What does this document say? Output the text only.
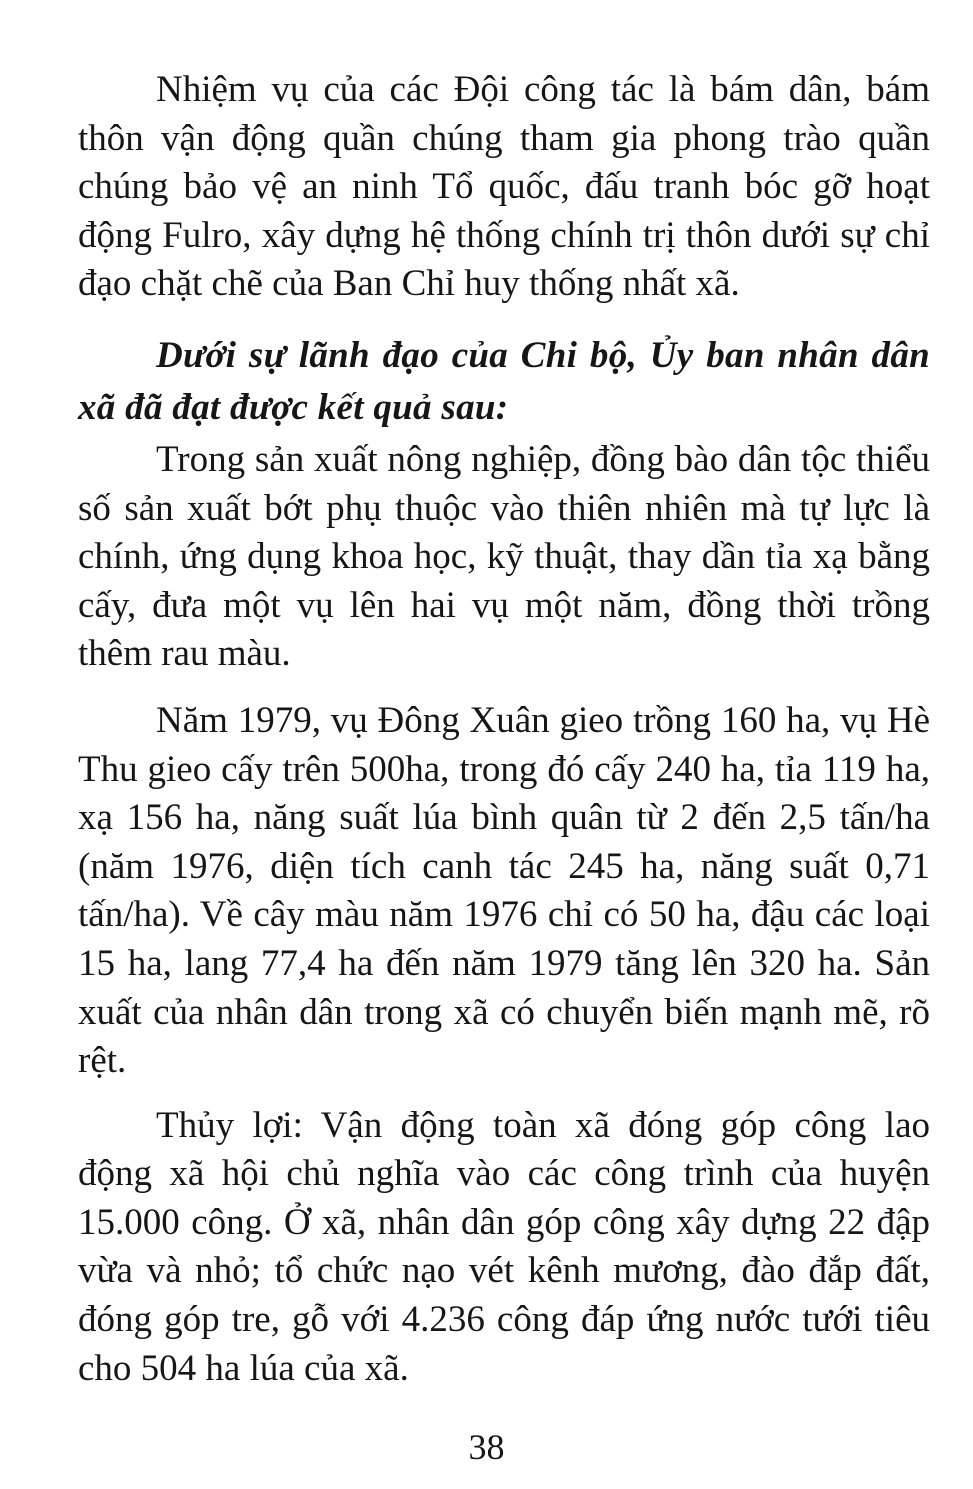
Nhiệm vụ của các Đội công tác là bám dân, bám thôn vận động quần chúng tham gia phong trào quần chúng bảo vệ an ninh Tổ quốc, đấu tranh bóc gỡ hoạt động Fulro, xây dựng hệ thống chính trị thôn dưới sự chỉ đạo chặt chẽ của Ban Chỉ huy thống nhất xã.

Dưới sự lãnh đạo của Chi bộ, Ủy ban nhân dân xã đã đạt được kết quả sau:

Trong sản xuất nông nghiệp, đồng bào dân tộc thiểu số sản xuất bớt phụ thuộc vào thiên nhiên mà tự lực là chính, ứng dụng khoa học, kỹ thuật, thay dần tỉa xạ bằng cấy, đưa một vụ lên hai vụ một năm, đồng thời trồng thêm rau màu.

Năm 1979, vụ Đông Xuân gieo trồng 160 ha, vụ Hè Thu gieo cấy trên 500ha, trong đó cấy 240 ha, tỉa 119 ha, xạ 156 ha, năng suất lúa bình quân từ 2 đến 2,5 tấn/ha (năm 1976, diện tích canh tác 245 ha, năng suất 0,71 tấn/ha). Về cây màu năm 1976 chỉ có 50 ha, đậu các loại 15 ha, lang 77,4 ha đến năm 1979 tăng lên 320 ha. Sản xuất của nhân dân trong xã có chuyển biến mạnh mẽ, rõ rệt.

Thủy lợi: Vận động toàn xã đóng góp công lao động xã hội chủ nghĩa vào các công trình của huyện 15.000 công. Ở xã, nhân dân góp công xây dựng 22 đập vừa và nhỏ; tổ chức nạo vét kênh mương, đào đắp đất, đóng góp tre, gỗ với 4.236 công đáp ứng nước tưới tiêu cho 504 ha lúa của xã.

38
